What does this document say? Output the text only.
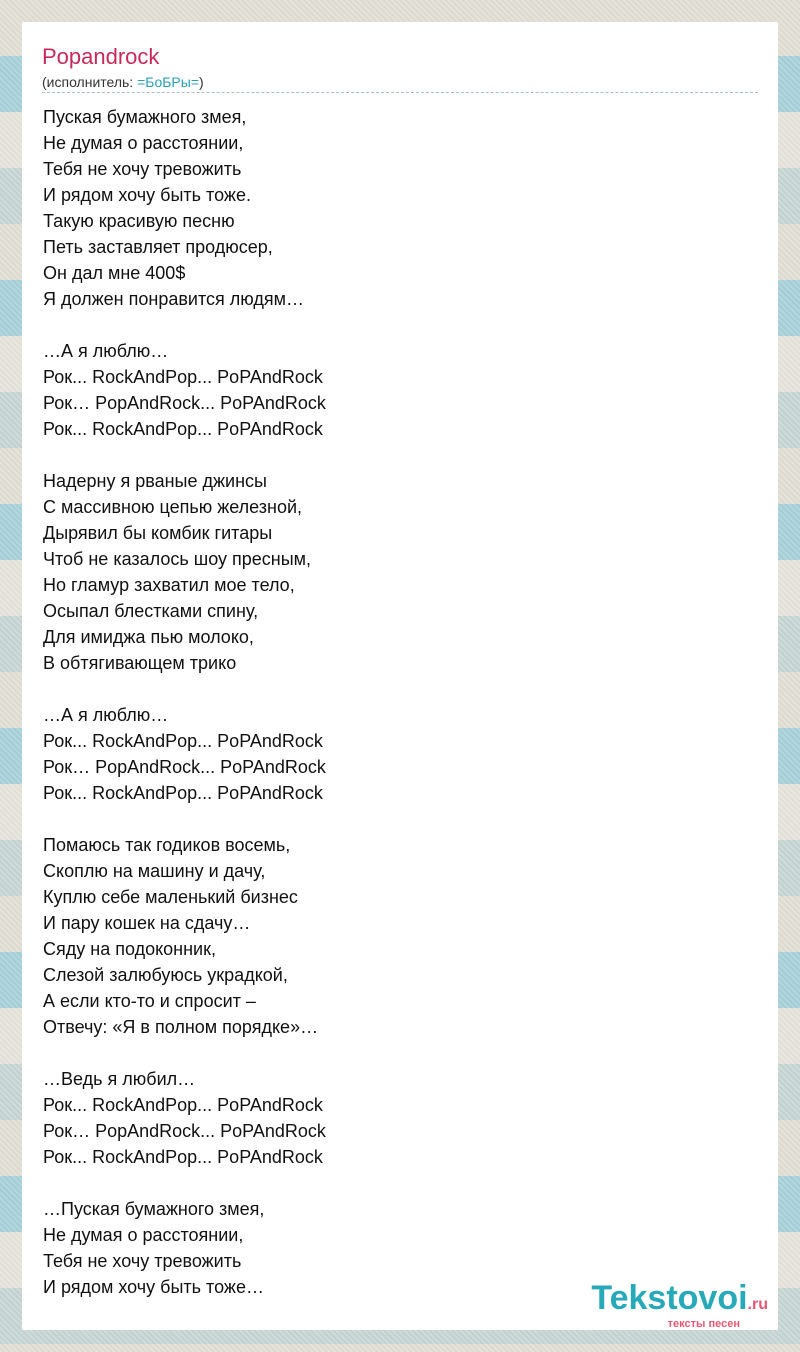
Popandrock
(исполнитель: =БоБРы=)
Пуская бумажного змея,
Не думая о расстоянии,
Тебя не хочу тревожить
И рядом хочу быть тоже.
Такую красивую песню
Петь заставляет продюсер,
Он дал мне 400$
Я должен понравится людям…

…А я люблю…
Рок... RockAndPop... PoPAndRock
Рок… PopAndRock... PoPAndRock
Рок... RockAndPop... PoPAndRock

Надерну я рваные джинсы
С массивною цепью железной,
Дырявил бы комбик гитары
Чтоб не казалось шоу пресным,
Но гламур захватил мое тело,
Осыпал блестками спину,
Для имиджа пью молоко,
В обтягивающем трико

…А я люблю…
Рок... RockAndPop... PoPAndRock
Рок… PopAndRock... PoPAndRock
Рок... RockAndPop... PoPAndRock

Помаюсь так годиков восемь,
Скоплю на машину и дачу,
Куплю себе маленький бизнес
И пару кошек на сдачу…
Сяду на подоконник,
Слезой залюбуюсь украдкой,
А если кто-то и спросит –
Отвечу: «Я в полном порядке»…

…Ведь я любил…
Рок... RockAndPop... PoPAndRock
Рок… PopAndRock... PoPAndRock
Рок... RockAndPop... PoPAndRock

…Пуская бумажного змея,
Не думая о расстоянии,
Тебя не хочу тревожить
И рядом хочу быть тоже…	Tekstovoi.ru
тексты песен
